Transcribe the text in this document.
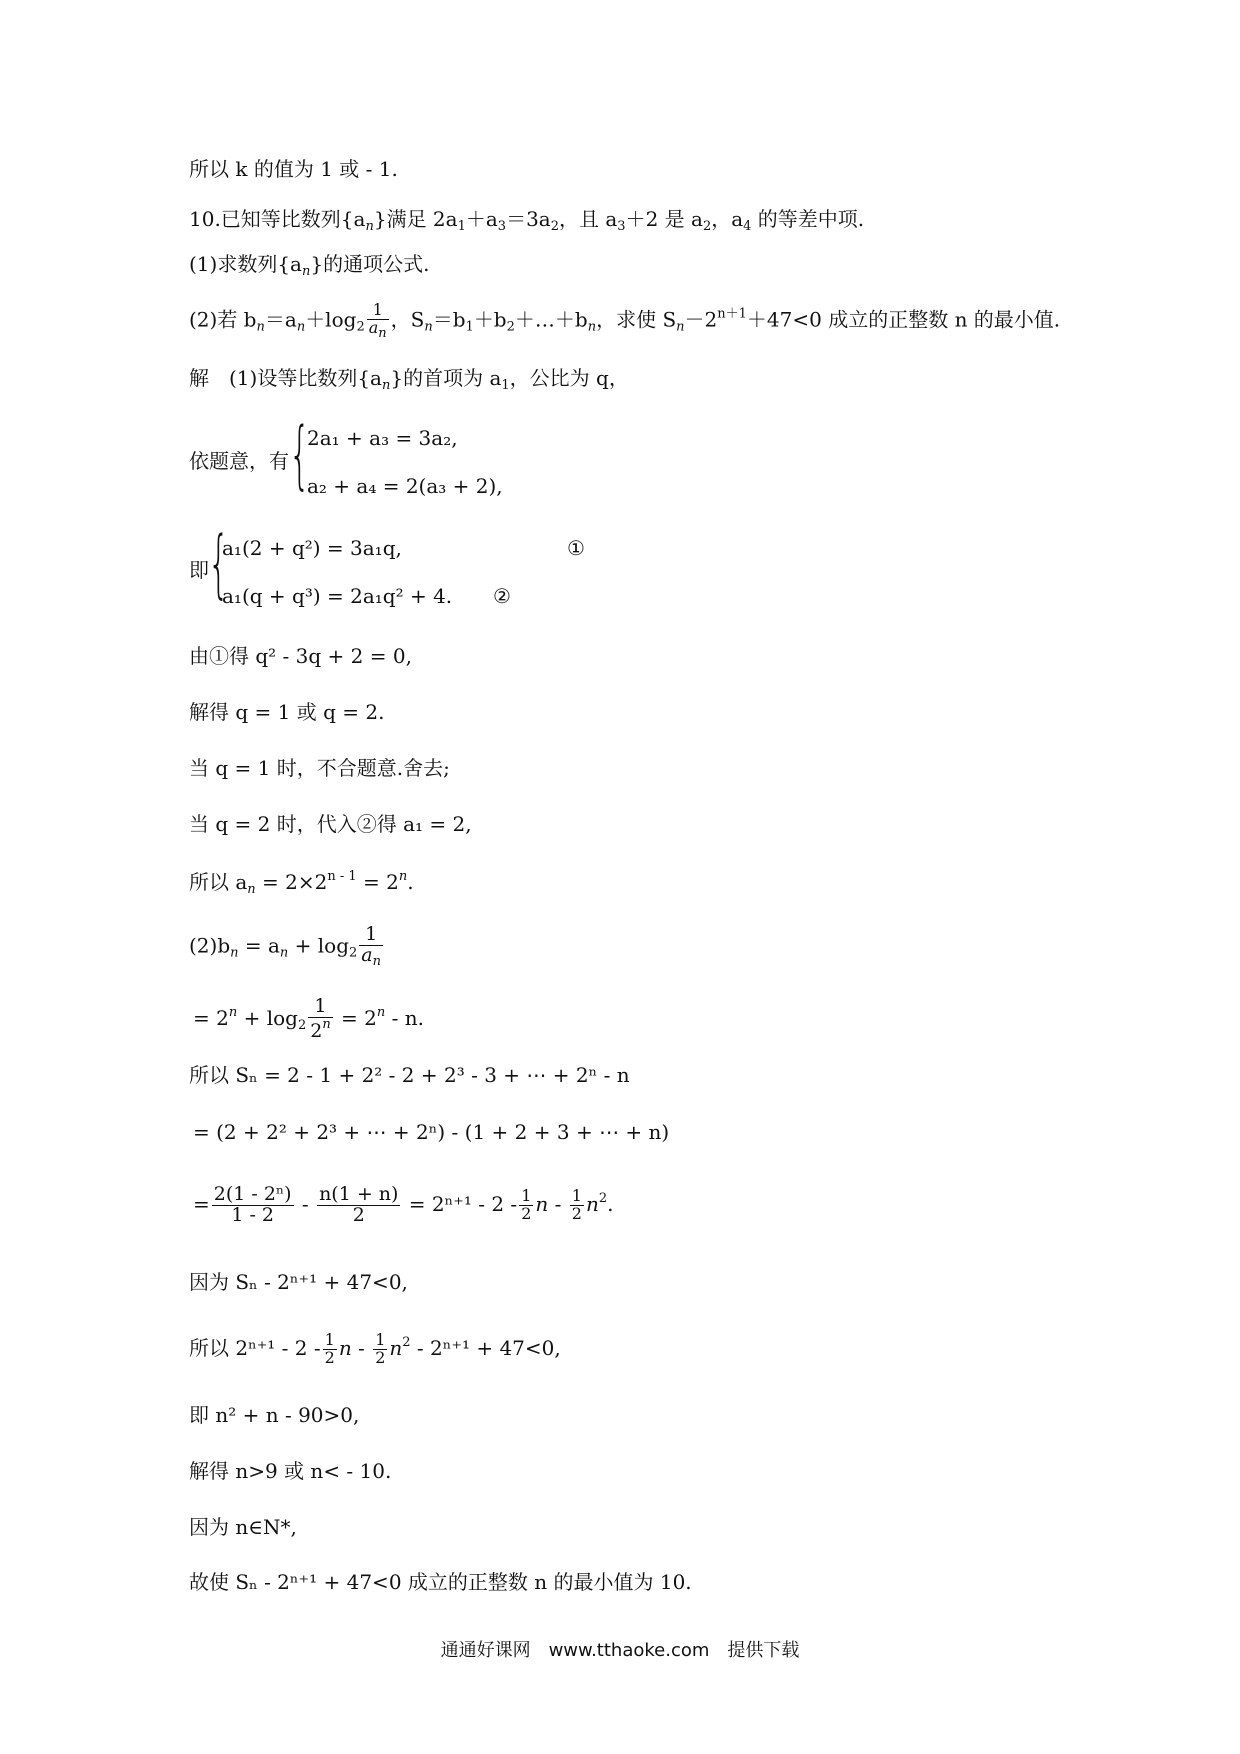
所以 k 的值为 1 或 - 1.
10.已知等比数列$\{a_n\}$满足 $2a_1+a_3=3a_2$，且 $a_3+2$ 是 $a_2$，$a_4$ 的等差中项.
(1)求数列$\{a_n\}$的通项公式.
(2)若 $b_n=a_n+\log_2 \frac{1}{a_n}$ ，$S_n=b_1+b_2+\dots+b_n$，求使 $S_n-2^{n+1}+47<0$ 成立的正整数 n 的最小值.
解　(1)设等比数列$\{a_n\}$的首项为 $a_1$，公比为 q，
依题意，有 {
2a₁ + a₃ = 3a₂,
a₂ + a₄ = 2(a₃ + 2),
即 {
a₁(2 + q²) = 3a₁q,	①
a₁(q + q³) = 2a₁q² + 4. ②
由①得 q² - 3q + 2 = 0,
解得 q = 1 或 q = 2.
当 q = 1 时，不合题意.舍去;
当 q = 2 时，代入②得 a₁ = 2,
所以 $a_n = 2\times 2^{n - 1} = 2^n$.
$(2)b_n = a_n + \log_2 \frac{1}{a_n}$
= $2^n + \log_2 \frac{1}{2^n} = 2^n - n$.
所以 Sₙ = 2 - 1 + 2² - 2 + 2³ - 3 + ⋯ + 2ⁿ - n
= (2 + 2² + 2³ + ⋯ + 2ⁿ) - (1 + 2 + 3 + ⋯ + n)
= $\frac{\text{2(1 - 2ⁿ)}}{1 - 2} - \frac{n(1 + n)}{2} = 2^{n+1} - 2 - \frac{1}{2}$ n - $\frac{1}{2} n^2$.
因为 Sₙ - 2ⁿ⁺¹ + 47<0,
所以 $2^{n+1} - 2 - \frac{1}{2}$ $n - \frac{1}{2} n^2 - 2^{n+1} + 47<0$,
即 n² + n - 90>0,
解得 n>9 或 n< - 10.
因为 n∈N*,
故使 Sₙ - 2ⁿ⁺¹ + 47<0 成立的正整数 n 的最小值为 10.
通通好课网　www.tthaoke.com　提供下载
